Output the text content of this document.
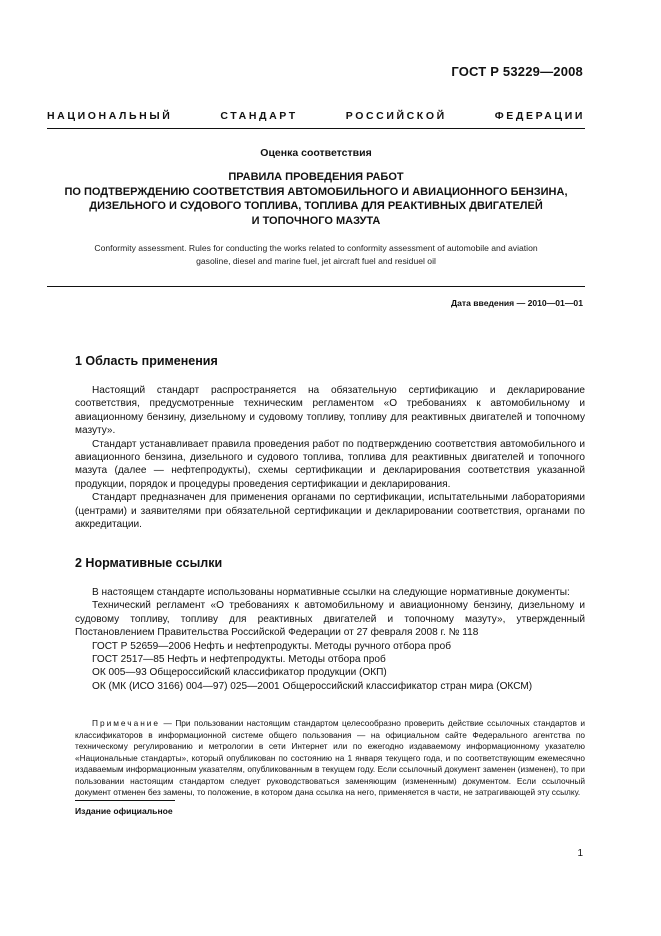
ГОСТ Р 53229—2008
НАЦИОНАЛЬНЫЙ СТАНДАРТ РОССИЙСКОЙ ФЕДЕРАЦИИ
Оценка соответствия
ПРАВИЛА ПРОВЕДЕНИЯ РАБОТ
ПО ПОДТВЕРЖДЕНИЮ СООТВЕТСТВИЯ АВТОМОБИЛЬНОГО И АВИАЦИОННОГО БЕНЗИНА,
ДИЗЕЛЬНОГО И СУДОВОГО ТОПЛИВА, ТОПЛИВА ДЛЯ РЕАКТИВНЫХ ДВИГАТЕЛЕЙ
И ТОПОЧНОГО МАЗУТА
Conformity assessment. Rules for conducting the works related to conformity assessment of automobile and aviation
gasoline, diesel and marine fuel, jet aircraft fuel and residuel oil
Дата введения — 2010—01—01
1 Область применения

Настоящий стандарт распространяется на обязательную сертификацию и декларирование соответствия, предусмотренные техническим регламентом «О требованиях к автомобильному и авиационному бензину, дизельному и судовому топливу, топливу для реактивных двигателей и топочному мазуту».

Стандарт устанавливает правила проведения работ по подтверждению соответствия автомобильного и авиационного бензина, дизельного и судового топлива, топлива для реактивных двигателей и топочного мазута (далее — нефтепродукты), схемы сертификации и декларирования соответствия указанной продукции, порядок и процедуры проведения сертификации и декларирования.

Стандарт предназначен для применения органами по сертификации, испытательными лабораториями (центрами) и заявителями при обязательной сертификации и декларировании соответствия, органами по аккредитации.

2 Нормативные ссылки

В настоящем стандарте использованы нормативные ссылки на следующие нормативные документы:

Технический регламент «О требованиях к автомобильному и авиационному бензину, дизельному и судовому топливу, топливу для реактивных двигателей и топочному мазуту», утвержденный Постановлением Правительства Российской Федерации от 27 февраля 2008 г. № 118

ГОСТ Р 52659—2006 Нефть и нефтепродукты. Методы ручного отбора проб

ГОСТ 2517—85 Нефть и нефтепродукты. Методы отбора проб

ОК 005—93 Общероссийский классификатор продукции (ОКП)

ОК (МК (ИСО 3166) 004—97) 025—2001 Общероссийский классификатор стран мира (ОКСМ)

Примечание — При пользовании настоящим стандартом целесообразно проверить действие ссылочных стандартов и классификаторов в информационной системе общего пользования — на официальном сайте Федерального агентства по техническому регулированию и метрологии в сети Интернет или по ежегодно издаваемому информационному указателю «Национальные стандарты», который опубликован по состоянию на 1 января текущего года, и по соответствующим ежемесячно издаваемым информационным указателям, опубликованным в текущем году. Если ссылочный документ заменен (изменен), то при пользовании настоящим стандартом следует руководствоваться заменяющим (измененным) документом. Если ссылочный документ отменен без замены, то положение, в котором дана ссылка на него, применяется в части, не затрагивающей эту ссылку.

Издание официальное
1
